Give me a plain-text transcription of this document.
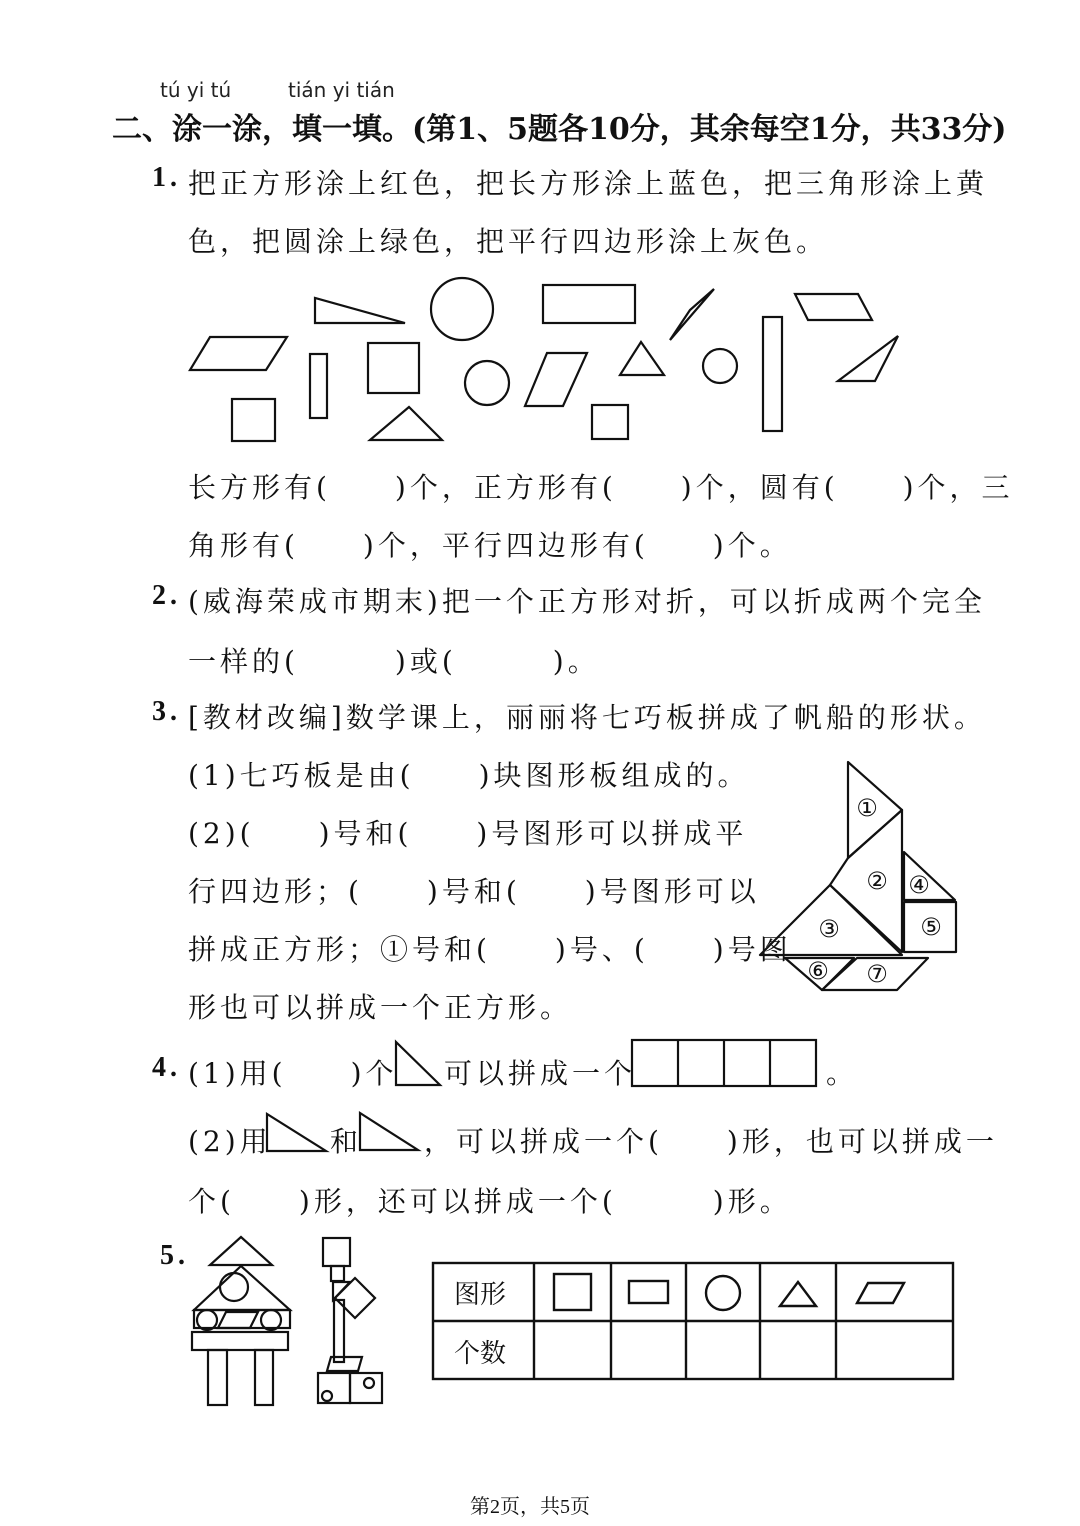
tú yi tú	tián yi tián
二、涂一涂，填一填。(第1、5题各10分，其余每空1分，共33分)
1. 把正方形涂上红色，把长方形涂上蓝色，把三角形涂上黄
色，把圆涂上绿色，把平行四边形涂上灰色。
长方形有(　　)个，正方形有(　　)个，圆有(　　)个，三
角形有(　　)个，平行四边形有(　　)个。
2. (威海荣成市期末)把一个正方形对折，可以折成两个完全
一样的(　　　)或(　　　)。
3. [教材改编]数学课上，丽丽将七巧板拼成了帆船的形状。
(1)七巧板是由(　　)块图形板组成的。
(2)(　　)号和(　　)号图形可以拼成平
行四边形；(　　)号和(　　)号图形可以
拼成正方形；①号和(　　)号、(　　)号图
形也可以拼成一个正方形。
①
②
③
④
⑤
⑥ ⑦
4. (1)用(　　)个 可以拼成一个	。
(2)用 和 ，可以拼成一个(　　)形，也可以拼成一
个(　　)形，还可以拼成一个(　　　)形。
5.
图形
个数
第2页，共5页
